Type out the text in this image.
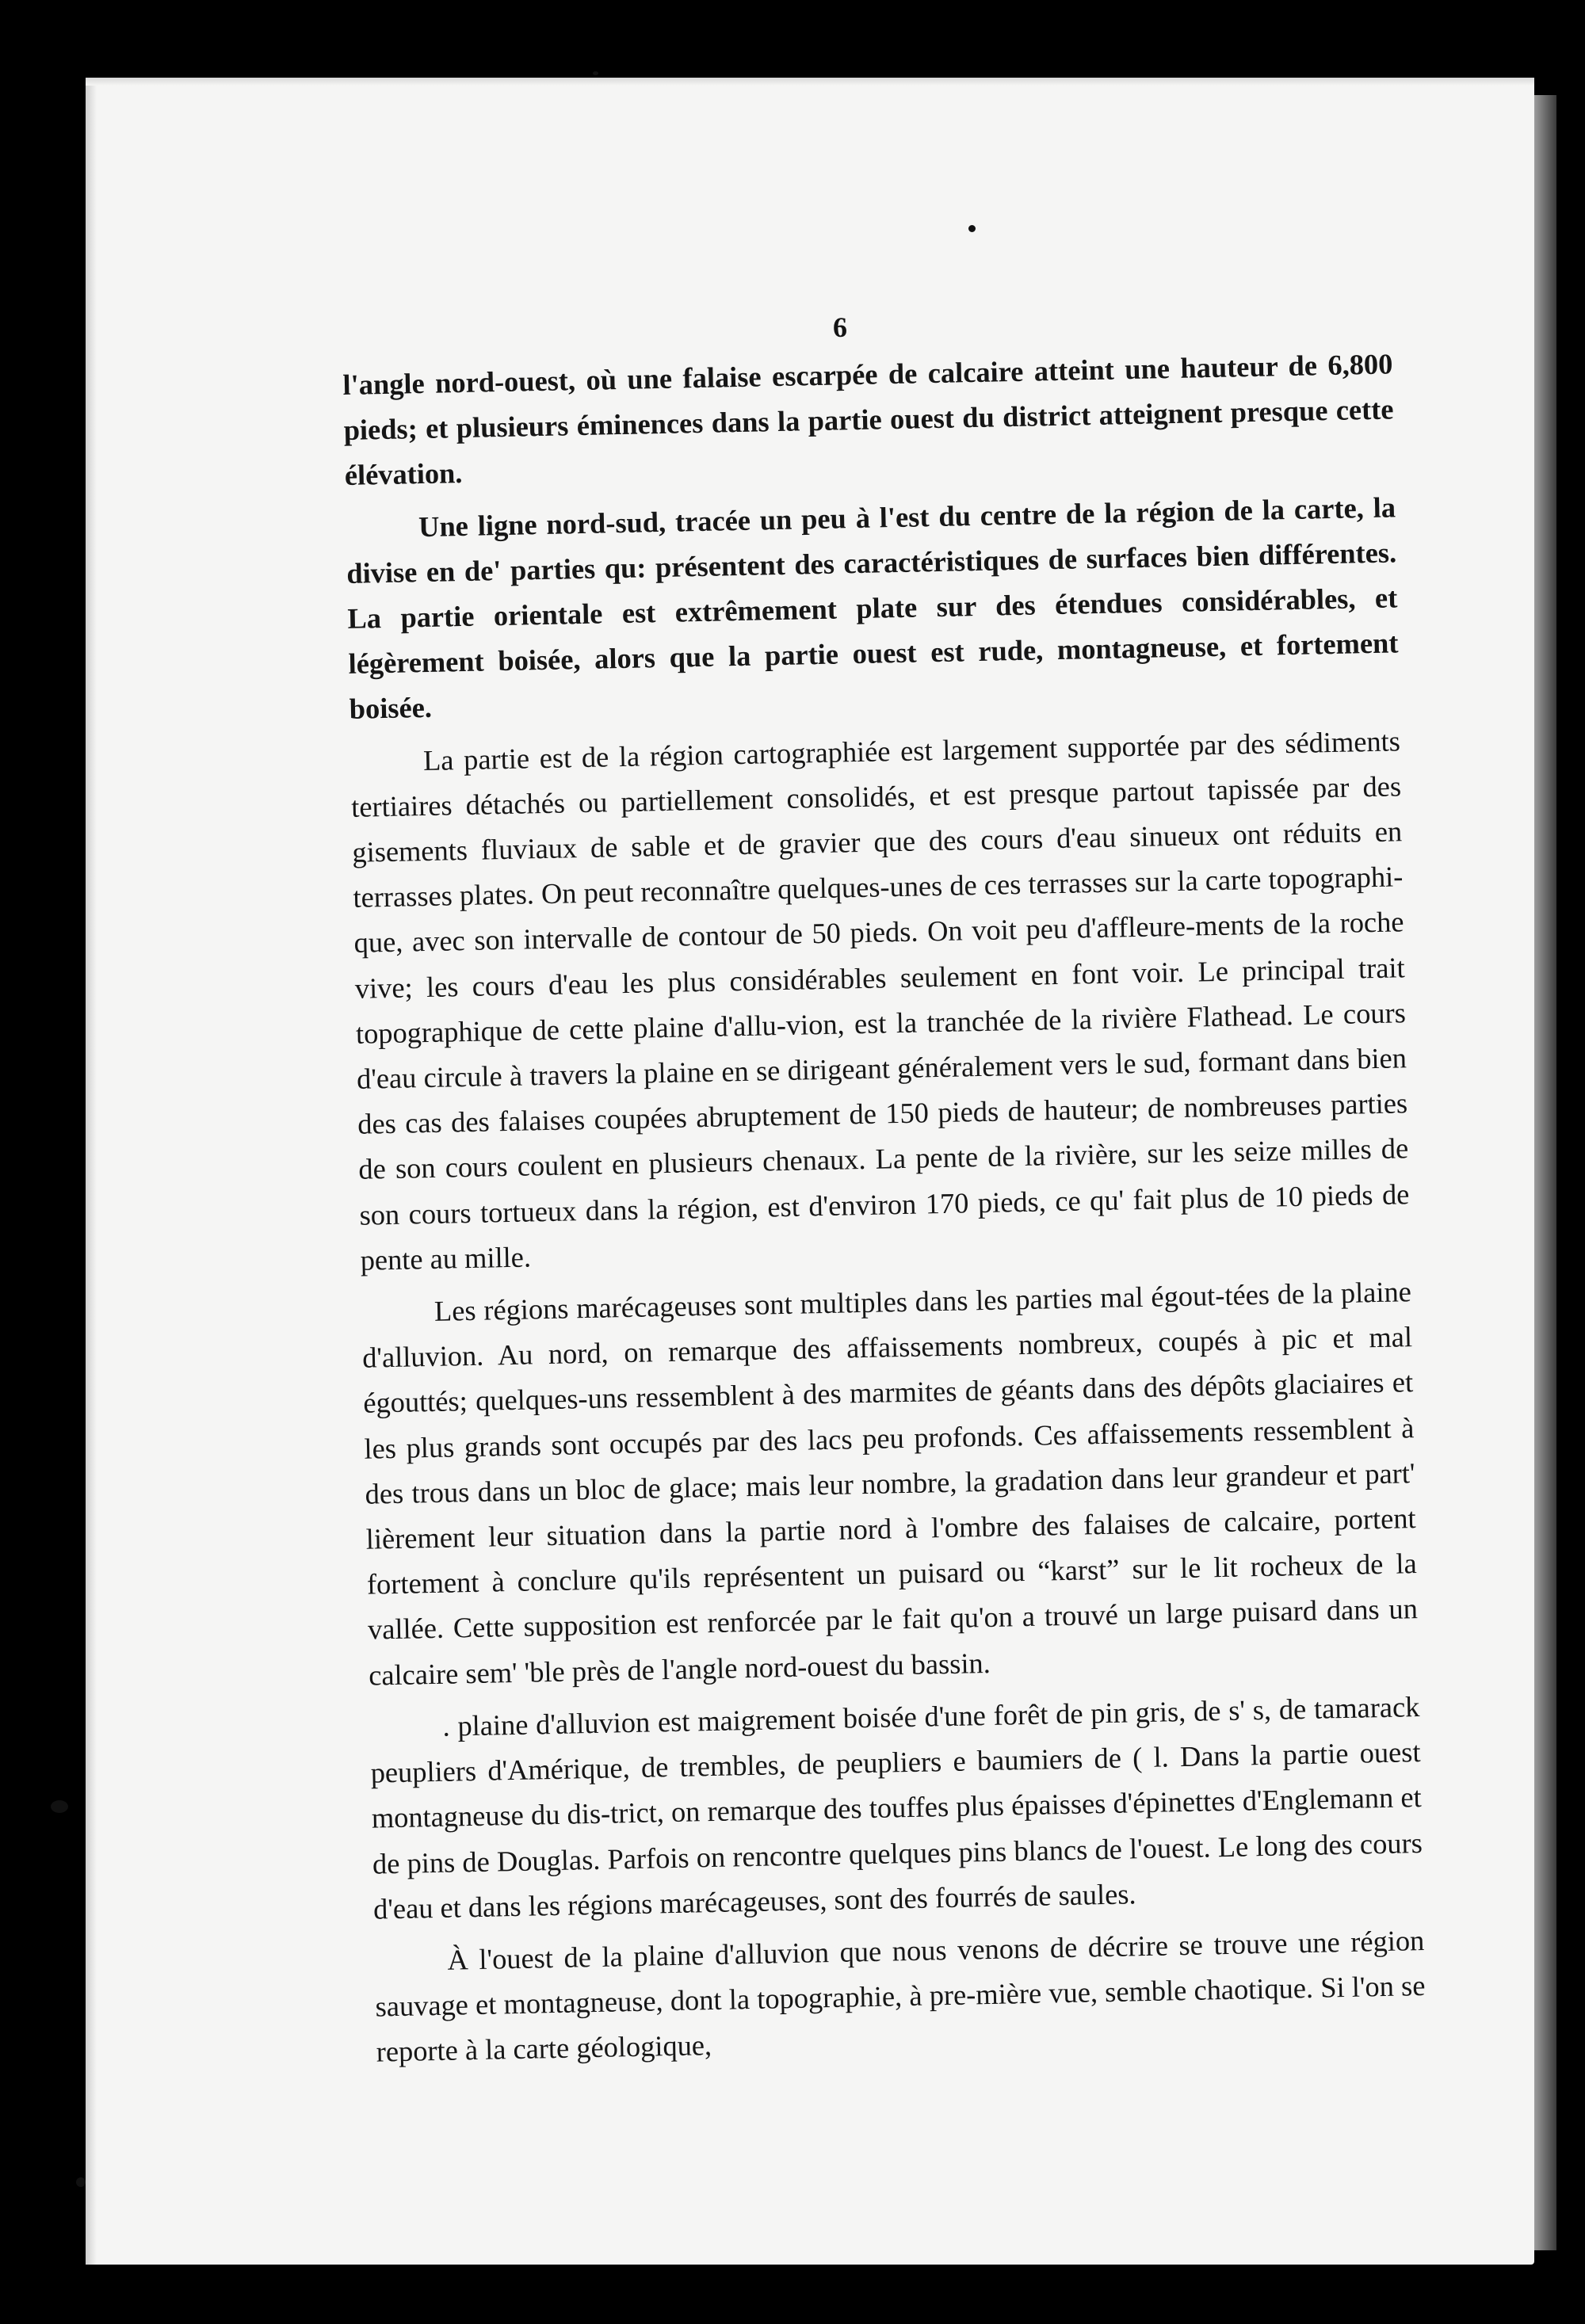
6

l'angle nord-ouest, où une falaise escarpée de calcaire atteint une hauteur de 6,800 pieds; et plusieurs éminences dans la partie ouest du district atteignent presque cette élévation.

Une ligne nord-sud, tracée un peu à l'est du centre de la région de la carte, la divise en de' parties qu: présentent des caractéristiques de surfaces bien différentes. La partie orientale est extrêmement plate sur des étendues considérables, et légèrement boisée, alors que la partie ouest est rude, montagneuse, et fortement boisée.

La partie est de la région cartographiée est largement supportée par des sédiments tertiaires détachés ou partiellement consolidés, et est presque partout tapissée par des gisements fluviaux de sable et de gravier que des cours d'eau sinueux ont réduits en terrasses plates. On peut reconnaître quelques-unes de ces terrasses sur la carte topographi-que, avec son intervalle de contour de 50 pieds. On voit peu d'affleure-ments de la roche vive; les cours d'eau les plus considérables seulement en font voir. Le principal trait topographique de cette plaine d'allu-vion, est la tranchée de la rivière Flathead. Le cours d'eau circule à travers la plaine en se dirigeant généralement vers le sud, formant dans bien des cas des falaises coupées abruptement de 150 pieds de hauteur; de nombreuses parties de son cours coulent en plusieurs chenaux. La pente de la rivière, sur les seize milles de son cours tortueux dans la région, est d'environ 170 pieds, ce qu' fait plus de 10 pieds de pente au mille.

Les régions marécageuses sont multiples dans les parties mal égout-tées de la plaine d'alluvion. Au nord, on remarque des affaissements nombreux, coupés à pic et mal égouttés; quelques-uns ressemblent à des marmites de géants dans des dépôts glaciaires et les plus grands sont occupés par des lacs peu profonds. Ces affaissements ressemblent à des trous dans un bloc de glace; mais leur nombre, la gradation dans leur grandeur et part' lièrement leur situation dans la partie nord à l'ombre des falaises de calcaire, portent fortement à conclure qu'ils représentent un puisard ou “karst” sur le lit rocheux de la vallée. Cette supposition est renforcée par le fait qu'on a trouvé un large puisard dans un calcaire sem' 'ble près de l'angle nord-ouest du bassin.

. plaine d'alluvion est maigrement boisée d'une forêt de pin gris, de s' s, de tamarack peupliers d'Amérique, de trembles, de peupliers e baumiers de ( l. Dans la partie ouest montagneuse du dis-trict, on remarque des touffes plus épaisses d'épinettes d'Englemann et de pins de Douglas. Parfois on rencontre quelques pins blancs de l'ouest. Le long des cours d'eau et dans les régions marécageuses, sont des fourrés de saules.

À l'ouest de la plaine d'alluvion que nous venons de décrire se trouve une région sauvage et montagneuse, dont la topographie, à pre-mière vue, semble chaotique. Si l'on se reporte à la carte géologique,
